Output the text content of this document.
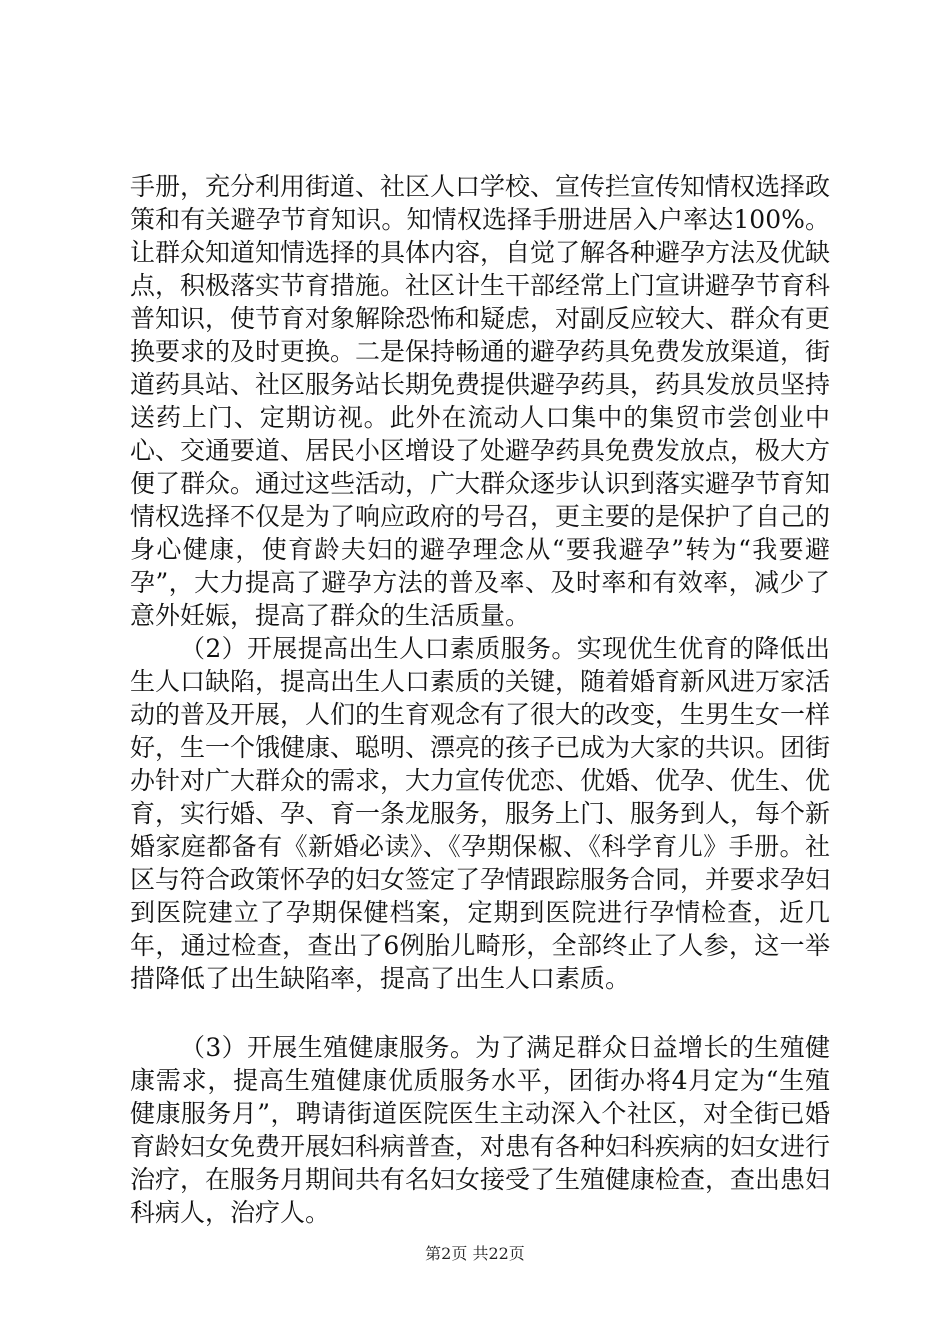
手册，充分利用街道、社区人口学校、宣传拦宣传知情权选择政策和有关避孕节育知识。知情权选择手册进居入户率达100%。让群众知道知情选择的具体内容，自觉了解各种避孕方法及优缺点，积极落实节育措施。社区计生干部经常上门宣讲避孕节育科普知识，使节育对象解除恐怖和疑虑，对副反应较大、群众有更换要求的及时更换。二是保持畅通的避孕药具免费发放渠道，街道药具站、社区服务站长期免费提供避孕药具，药具发放员坚持送药上门、定期访视。此外在流动人口集中的集贸市尝创业中心、交通要道、居民小区增设了处避孕药具免费发放点，极大方便了群众。通过这些活动，广大群众逐步认识到落实避孕节育知情权选择不仅是为了响应政府的号召，更主要的是保护了自己的身心健康，使育龄夫妇的避孕理念从“要我避孕”转为“我要避孕”，大力提高了避孕方法的普及率、及时率和有效率，减少了意外妊娠，提高了群众的生活质量。

（2）开展提高出生人口素质服务。实现优生优育的降低出生人口缺陷，提高出生人口素质的关键，随着婚育新风进万家活动的普及开展，人们的生育观念有了很大的改变，生男生女一样好，生一个饿健康、聪明、漂亮的孩子已成为大家的共识。团街办针对广大群众的需求，大力宣传优恋、优婚、优孕、优生、优育，实行婚、孕、育一条龙服务，服务上门、服务到人，每个新婚家庭都备有《新婚必读》、《孕期保椒、《科学育儿》手册。社区与符合政策怀孕的妇女签定了孕情跟踪服务合同，并要求孕妇到医院建立了孕期保健档案，定期到医院进行孕情检查，近几年，通过检查，查出了6例胎儿畸形，全部终止了人参，这一举措降低了出生缺陷率，提高了出生人口素质。

（3）开展生殖健康服务。为了满足群众日益增长的生殖健康需求，提高生殖健康优质服务水平，团街办将4月定为“生殖健康服务月”，聘请街道医院医生主动深入个社区，对全街已婚育龄妇女免费开展妇科病普查，对患有各种妇科疾病的妇女进行治疗，在服务月期间共有名妇女接受了生殖健康检查，查出患妇科病人，治疗人。

第2页 共22页
